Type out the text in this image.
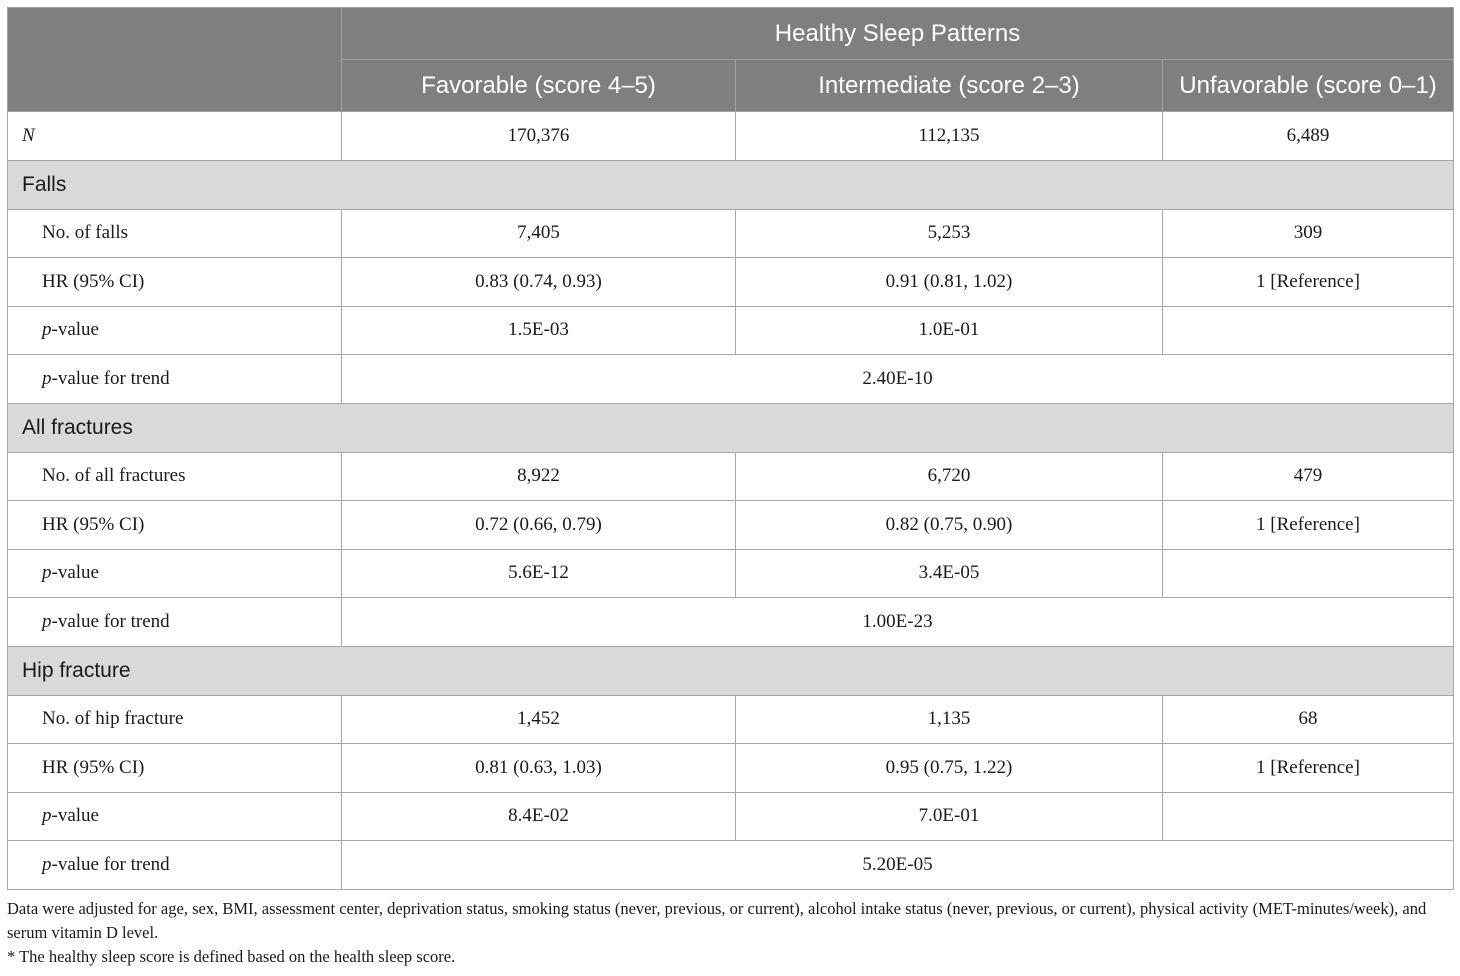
	Healthy Sleep Patterns		
	Favorable (score 4–5)	Intermediate (score 2–3)	Unfavorable (score 0–1)
N	170,376	112,135	6,489
Falls			
No. of falls	7,405	5,253	309
HR (95% CI)	0.83 (0.74, 0.93)	0.91 (0.81, 1.02)	1 [Reference]
p-value	1.5E-03	1.0E-01	
p-value for trend	2.40E-10		
All fractures			
No. of all fractures	8,922	6,720	479
HR (95% CI)	0.72 (0.66, 0.79)	0.82 (0.75, 0.90)	1 [Reference]
p-value	5.6E-12	3.4E-05	
p-value for trend	1.00E-23		
Hip fracture			
No. of hip fracture	1,452	1,135	68
HR (95% CI)	0.81 (0.63, 1.03)	0.95 (0.75, 1.22)	1 [Reference]
p-value	8.4E-02	7.0E-01	
p-value for trend	5.20E-05		

Data were adjusted for age, sex, BMI, assessment center, deprivation status, smoking status (never, previous, or current), alcohol intake status (never, previous, or current), physical activity (MET-minutes/week), and serum vitamin D level.

* The healthy sleep score is defined based on the health sleep score.
